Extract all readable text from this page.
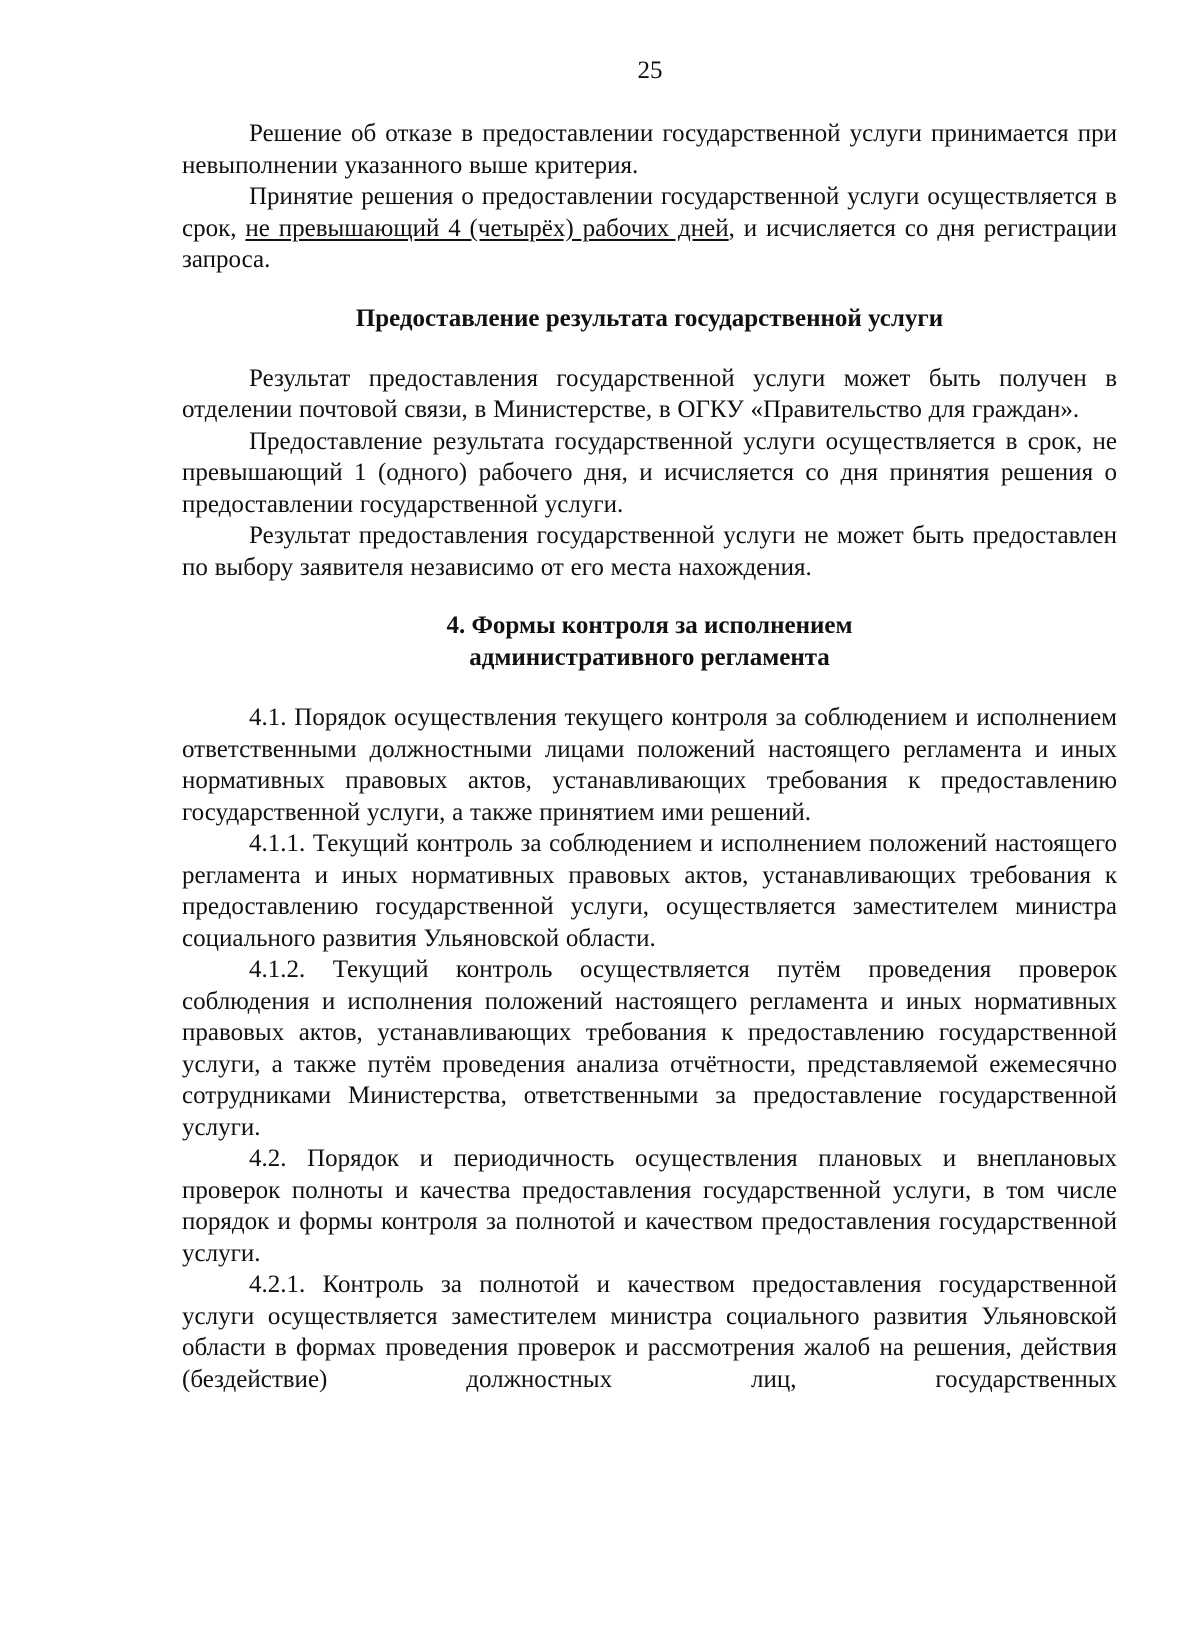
25

Решение об отказе в предоставлении государственной услуги принимается при невыполнении указанного выше критерия.

Принятие решения о предоставлении государственной услуги осуществляется в срок, не превышающий 4 (четырёх) рабочих дней, и исчисляется со дня регистрации запроса.

Предоставление результата государственной услуги

Результат предоставления государственной услуги может быть получен в отделении почтовой связи, в Министерстве, в ОГКУ «Правительство для граждан».

Предоставление результата государственной услуги осуществляется в срок, не превышающий 1 (одного) рабочего дня, и исчисляется со дня принятия решения о предоставлении государственной услуги.

Результат предоставления государственной услуги не может быть предоставлен по выбору заявителя независимо от его места нахождения.

4. Формы контроля за исполнением
административного регламента

4.1. Порядок осуществления текущего контроля за соблюдением и исполнением ответственными должностными лицами положений настоящего регламента и иных нормативных правовых актов, устанавливающих требования к предоставлению государственной услуги, а также принятием ими решений.

4.1.1. Текущий контроль за соблюдением и исполнением положений настоящего регламента и иных нормативных правовых актов, устанавливающих требования к предоставлению государственной услуги, осуществляется заместителем министра социального развития Ульяновской области.

4.1.2. Текущий контроль осуществляется путём проведения проверок соблюдения и исполнения положений настоящего регламента и иных нормативных правовых актов, устанавливающих требования к предоставлению государственной услуги, а также путём проведения анализа отчётности, представляемой ежемесячно сотрудниками Министерства, ответственными за предоставление государственной услуги.

4.2. Порядок и периодичность осуществления плановых и внеплановых проверок полноты и качества предоставления государственной услуги, в том числе порядок и формы контроля за полнотой и качеством предоставления государственной услуги.

4.2.1. Контроль за полнотой и качеством предоставления государственной услуги осуществляется заместителем министра социального развития Ульяновской области в формах проведения проверок и рассмотрения жалоб на решения, действия (бездействие) должностных лиц, государственных
